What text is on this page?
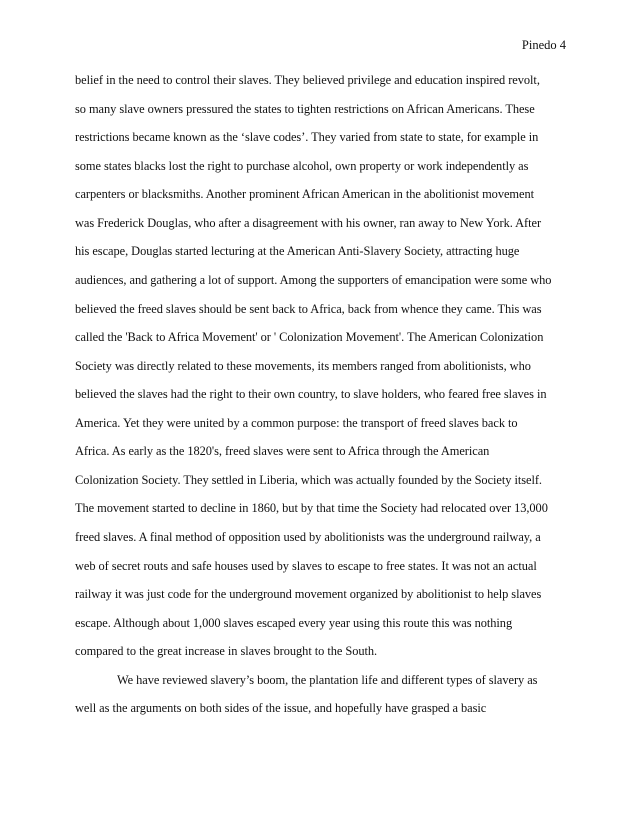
Pinedo 4
belief in the need to control their slaves. They believed privilege and education inspired revolt,
so many slave owners pressured the states to tighten restrictions on African Americans. These
restrictions became known as the ‘slave codes’. They varied from state to state, for example in
some states blacks lost the right to purchase alcohol, own property or work independently as
carpenters or blacksmiths. Another prominent African American in the abolitionist movement
was Frederick Douglas, who after a disagreement with his owner, ran away to New York. After
his escape, Douglas started lecturing at the American Anti-Slavery Society, attracting huge
audiences, and gathering a lot of support. Among the supporters of emancipation were some who
believed the freed slaves should be sent back to Africa, back from whence they came. This was
called the 'Back to Africa Movement' or ' Colonization Movement'. The American Colonization
Society was directly related to these movements, its members ranged from abolitionists, who
believed the slaves had the right to their own country, to slave holders, who feared free slaves in
America. Yet they were united by a common purpose: the transport of freed slaves back to
Africa. As early as the 1820's, freed slaves were sent to Africa through the American
Colonization Society. They settled in Liberia, which was actually founded by the Society itself.
The movement started to decline in 1860, but by that time the Society had relocated over 13,000
freed slaves. A final method of opposition used by abolitionists was the underground railway, a
web of secret routs and safe houses used by slaves to escape to free states. It was not an actual
railway it was just code for the underground movement organized by abolitionist to help slaves
escape. Although about 1,000 slaves escaped every year using this route this was nothing
compared to the great increase in slaves brought to the South.
We have reviewed slavery’s boom, the plantation life and different types of slavery as
well as the arguments on both sides of the issue, and hopefully have grasped a basic
